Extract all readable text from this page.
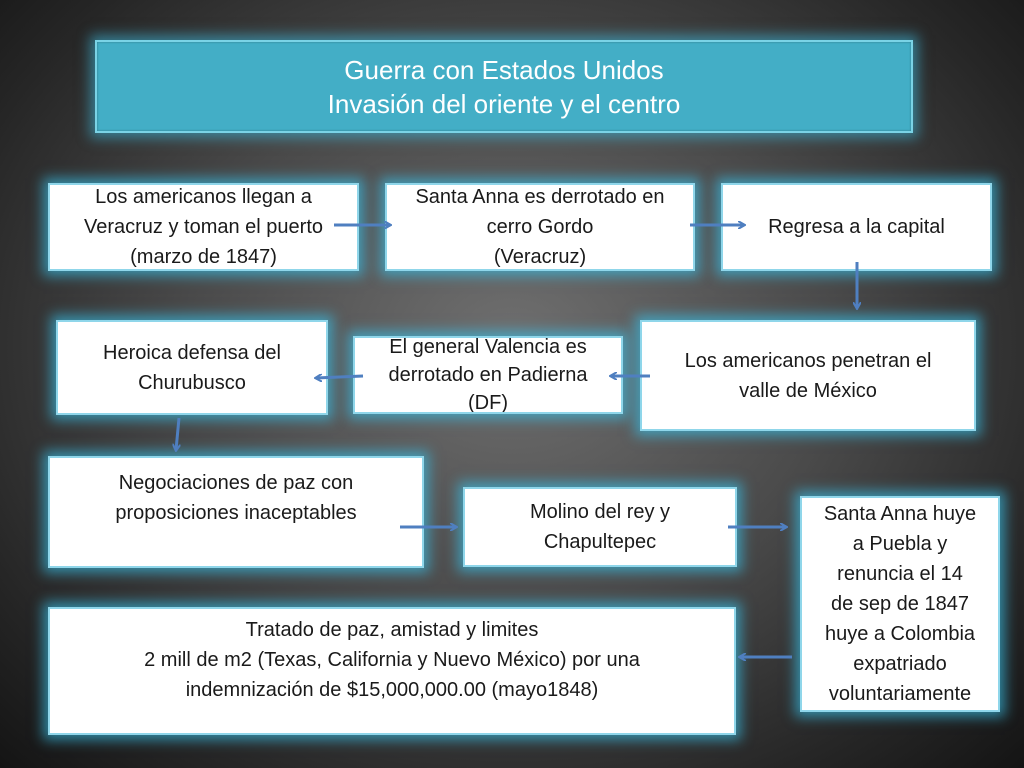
Guerra con Estados Unidos
Invasión del oriente y el centro
Los americanos llegan a
Veracruz y toman el puerto
(marzo de 1847)
Santa Anna es derrotado en
cerro Gordo
(Veracruz)
Regresa a la capital
Los americanos penetran el
valle de México
El general Valencia es
derrotado en Padierna
(DF)
Heroica defensa del
Churubusco
Negociaciones de paz con
proposiciones inaceptables	Molino del rey y
Chapultepec
Santa Anna huye
a Puebla y
renuncia el 14
de sep de 1847
huye a Colombia
expatriado
voluntariamente
Tratado de paz, amistad y limites
2 mill de m2 (Texas, California y Nuevo México) por una
indemnización de $15,000,000.00 (mayo1848)
